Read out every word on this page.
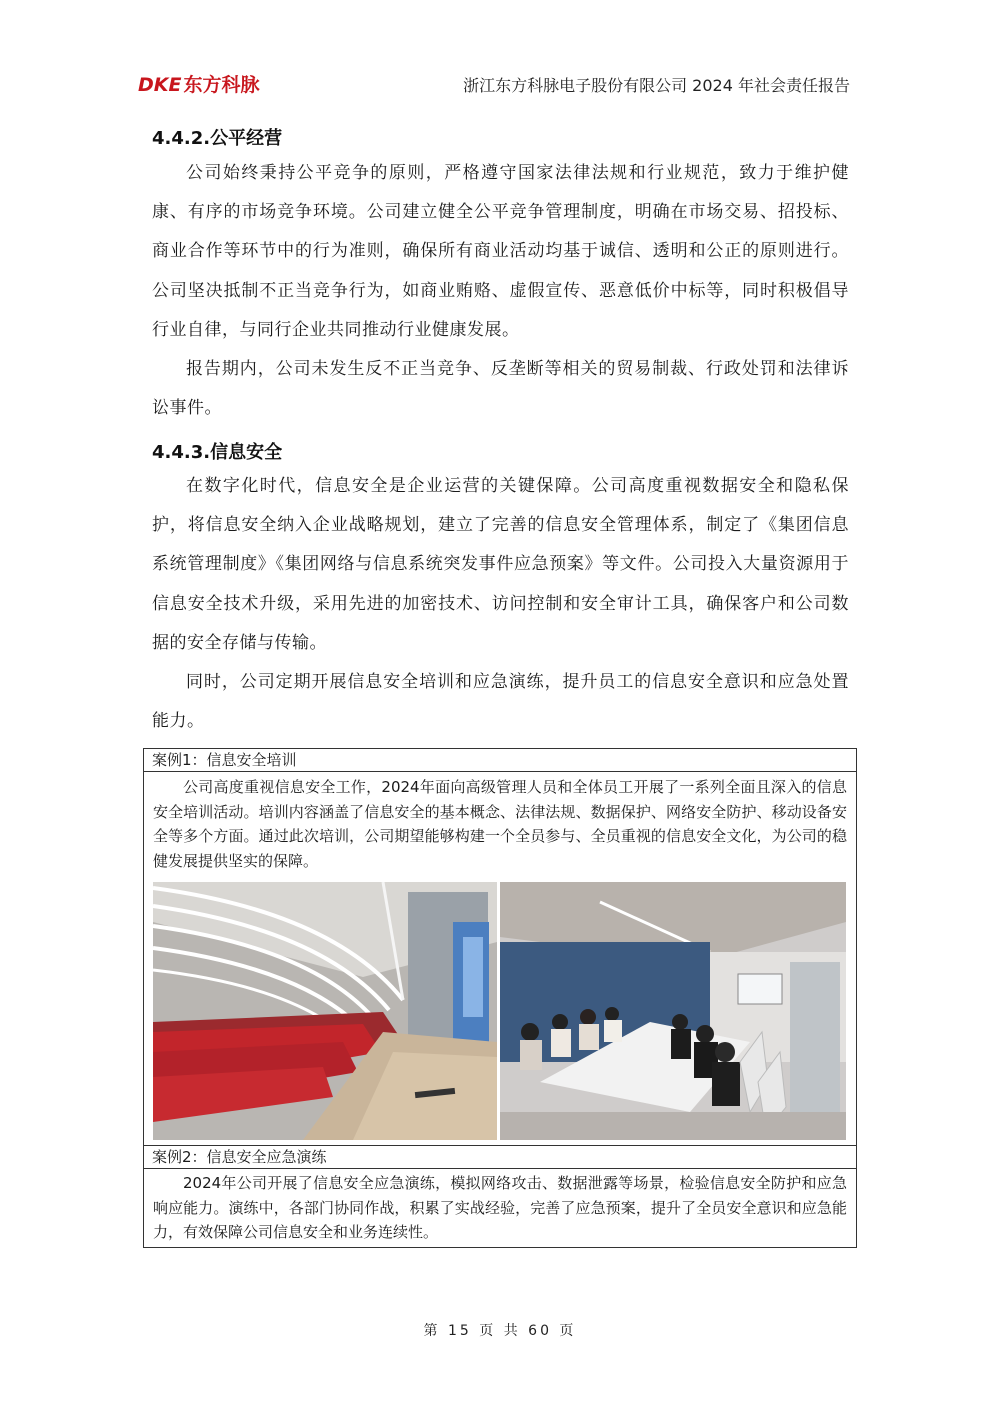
DKE 东方科脉	浙江东方科脉电子股份有限公司 2024 年社会责任报告
4.4.2.公平经营

公司始终秉持公平竞争的原则，严格遵守国家法律法规和行业规范，致力于维护健康、有序的市场竞争环境。公司建立健全公平竞争管理制度，明确在市场交易、招投标、商业合作等环节中的行为准则，确保所有商业活动均基于诚信、透明和公正的原则进行。公司坚决抵制不正当竞争行为，如商业贿赂、虚假宣传、恶意低价中标等，同时积极倡导行业自律，与同行企业共同推动行业健康发展。

报告期内，公司未发生反不正当竞争、反垄断等相关的贸易制裁、行政处罚和法律诉讼事件。

4.4.3.信息安全

在数字化时代，信息安全是企业运营的关键保障。公司高度重视数据安全和隐私保护，将信息安全纳入企业战略规划，建立了完善的信息安全管理体系，制定了《集团信息系统管理制度》《集团网络与信息系统突发事件应急预案》等文件。公司投入大量资源用于信息安全技术升级，采用先进的加密技术、访问控制和安全审计工具，确保客户和公司数据的安全存储与传输。

同时，公司定期开展信息安全培训和应急演练，提升员工的信息安全意识和应急处置能力。

案例1：信息安全培训

公司高度重视信息安全工作，2024年面向高级管理人员和全体员工开展了一系列全面且深入的信息安全培训活动。培训内容涵盖了信息安全的基本概念、法律法规、数据保护、网络安全防护、移动设备安全等多个方面。通过此次培训，公司期望能够构建一个全员参与、全员重视的信息安全文化，为公司的稳健发展提供坚实的保障。

案例2：信息安全应急演练

2024年公司开展了信息安全应急演练，模拟网络攻击、数据泄露等场景，检验信息安全防护和应急响应能力。演练中，各部门协同作战，积累了实战经验，完善了应急预案，提升了全员安全意识和应急能力，有效保障公司信息安全和业务连续性。

第 15 页 共 60 页
